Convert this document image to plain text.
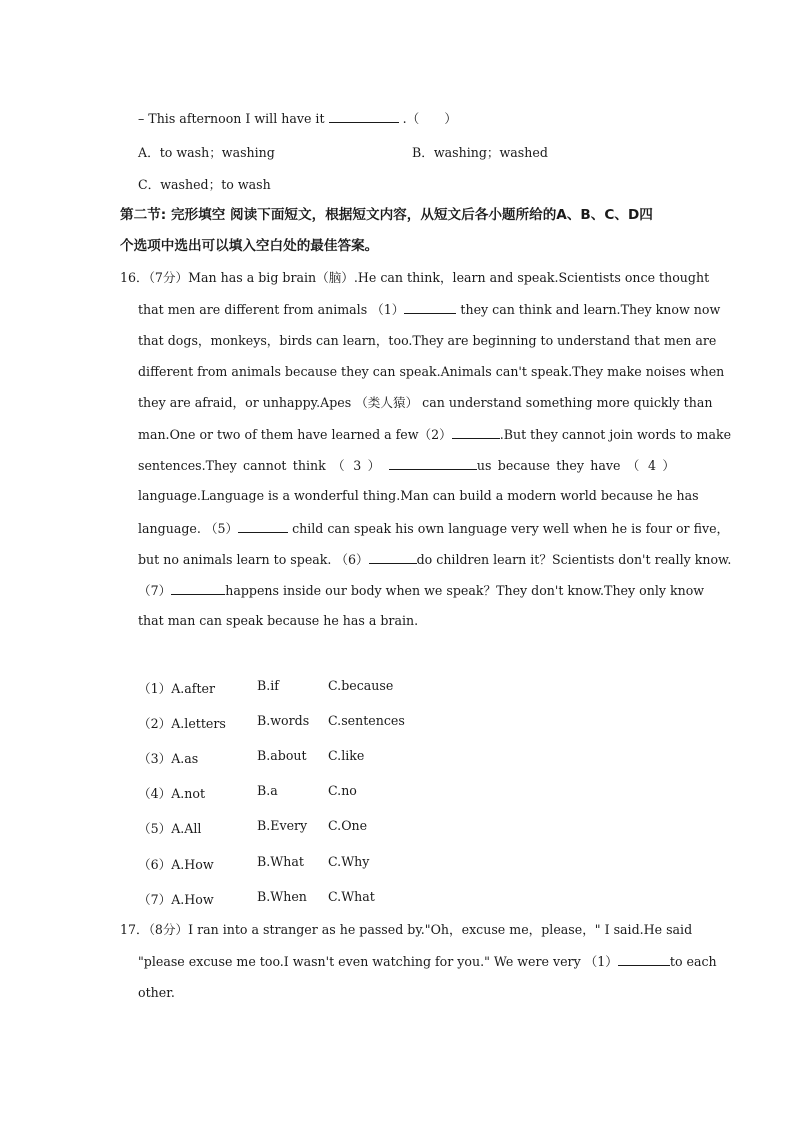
– This afternoon I will have it	.（　　）
A．to wash；washing	B．washing；washed
C．washed；to wash
第二节: 完形填空 阅读下面短文，根据短文内容，从短文后各小题所给的A、B、C、D四
个选项中选出可以填入空白处的最佳答案。
16．（7分）Man has a big brain（脑）.He can think，learn and speak.Scientists once thought
that men are different from animals （1）	they can think and learn.They know now
that dogs，monkeys，birds can learn，too.They are beginning to understand that men are
different from animals because they can speak.Animals can't speak.They make noises when
they are afraid，or unhappy.Apes （类人猿） can understand something more quickly than
man.One or two of them have learned a few（2）	.But they cannot join words to make
sentences.They cannot think （ 3 ）	us because they have （ 4 ）
language.Language is a wonderful thing.Man can build a modern world because he has
language. （5）	child can speak his own language very well when he is four or five，
but no animals learn to speak. （6）	do children learn it？Scientists don't really know.
（7）	happens inside our body when we speak？They don't know.They only know
that man can speak because he has a brain.
（1）A.after	B.if	C.because
（2）A.letters B.words C.sentences
（3）A.as	B.about C.like
（4）A.not	B.a	C.no
（5）A.All	B.Every C.One
（6）A.How	B.What C.Why
（7）A.How	B.When C.What
17．（8分）I ran into a stranger as he passed by."Oh，excuse me，please，" I said.He said
"please excuse me too.I wasn't even watching for you." We were very （1）	to each
other.
